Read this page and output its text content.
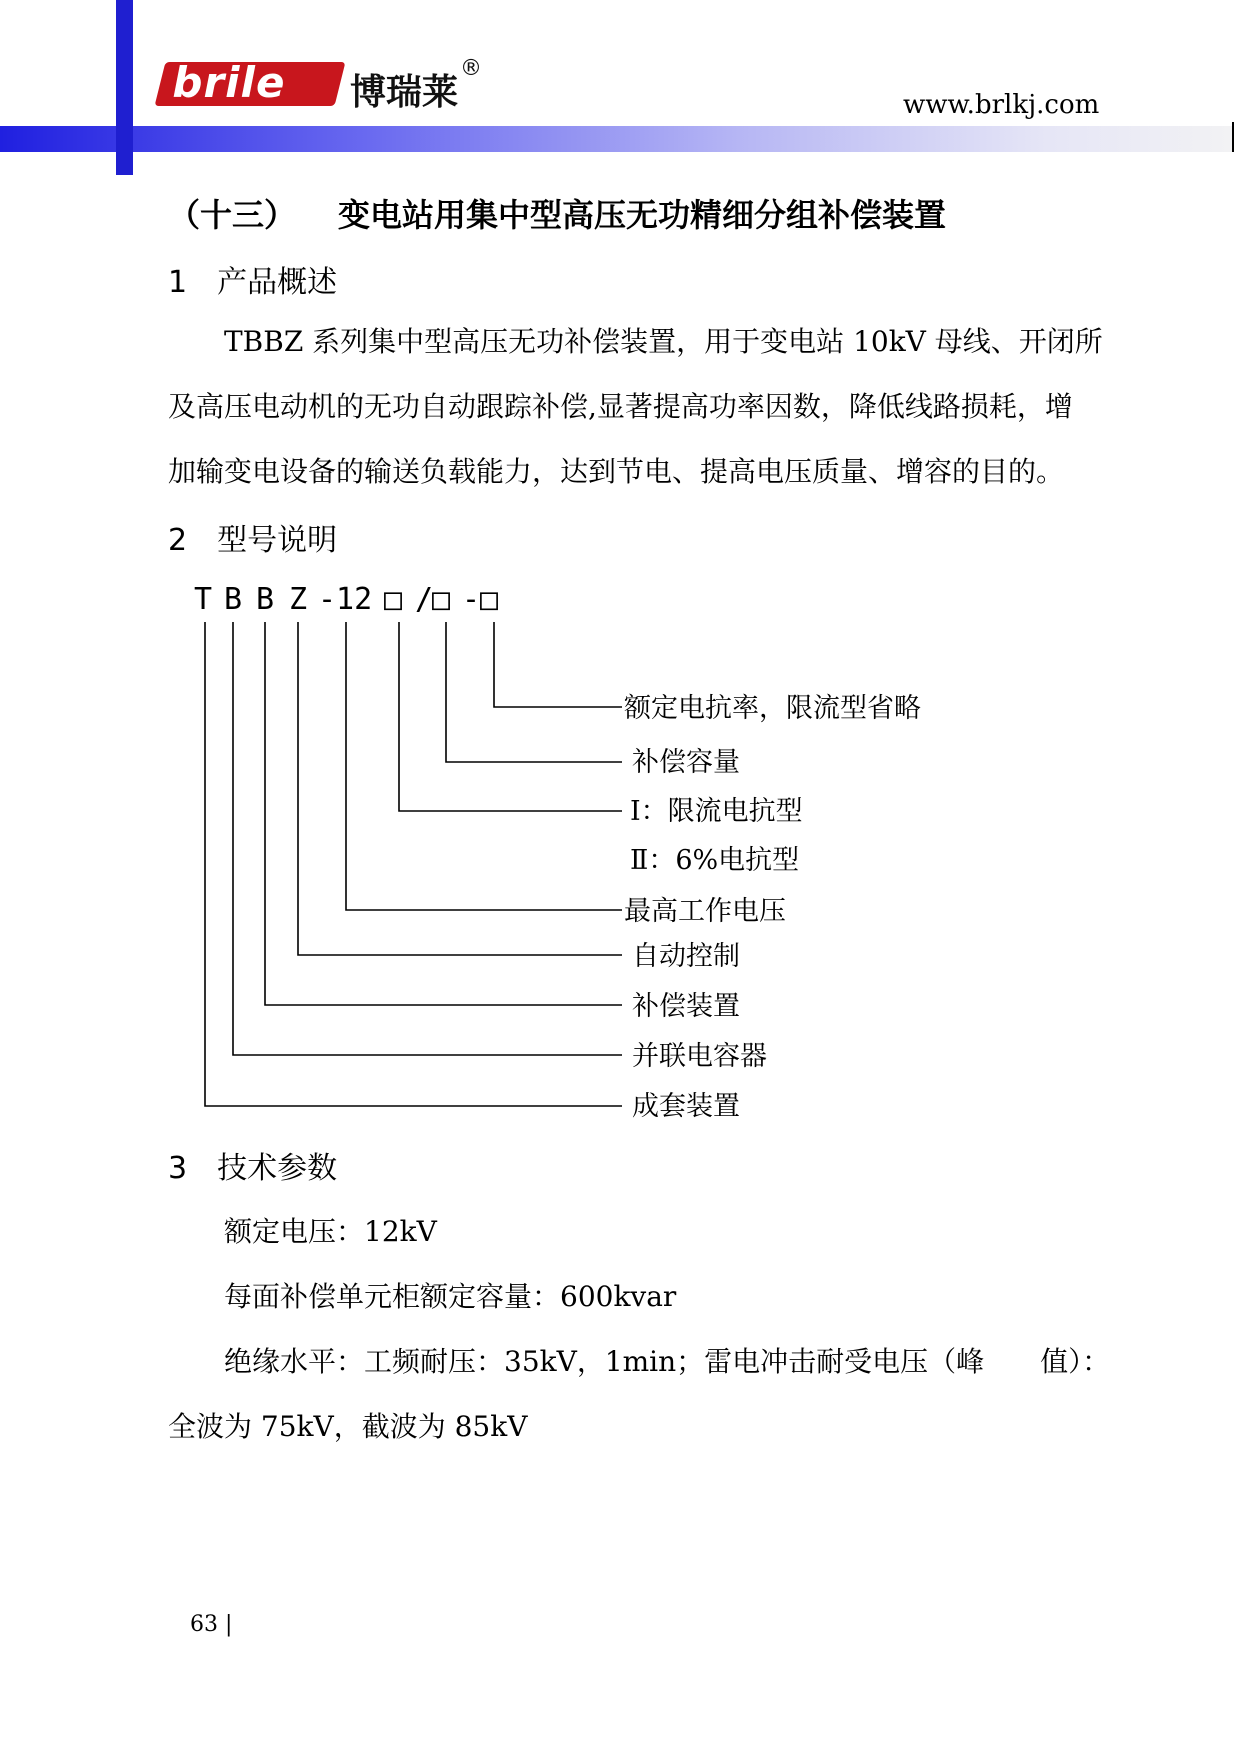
brile 博瑞莱
®
www.brlkj.com
（十三） 变电站用集中型高压无功精细分组补偿装置
1　产品概述
TBBZ 系列集中型高压无功补偿装置，用于变电站 10kV 母线、开闭所
及高压电动机的无功自动跟踪补偿,显著提高功率因数，降低线路损耗，增
加输变电设备的输送负载能力，达到节电、提高电压质量、增容的目的。
2　型号说明
T B B Z -12 □ /
□ - □
额定电抗率，限流型省略
补偿容量
Ⅰ：限流电抗型
Ⅱ：6%电抗型
最高工作电压
自动控制
补偿装置
并联电容器
成套装置
3　技术参数
额定电压：12kV
每面补偿单元柜额定容量：600kvar
绝缘水平：工频耐压：35kV，1min；雷电冲击耐受电压（峰　　值）：
全波为 75kV，截波为 85kV
63 |
